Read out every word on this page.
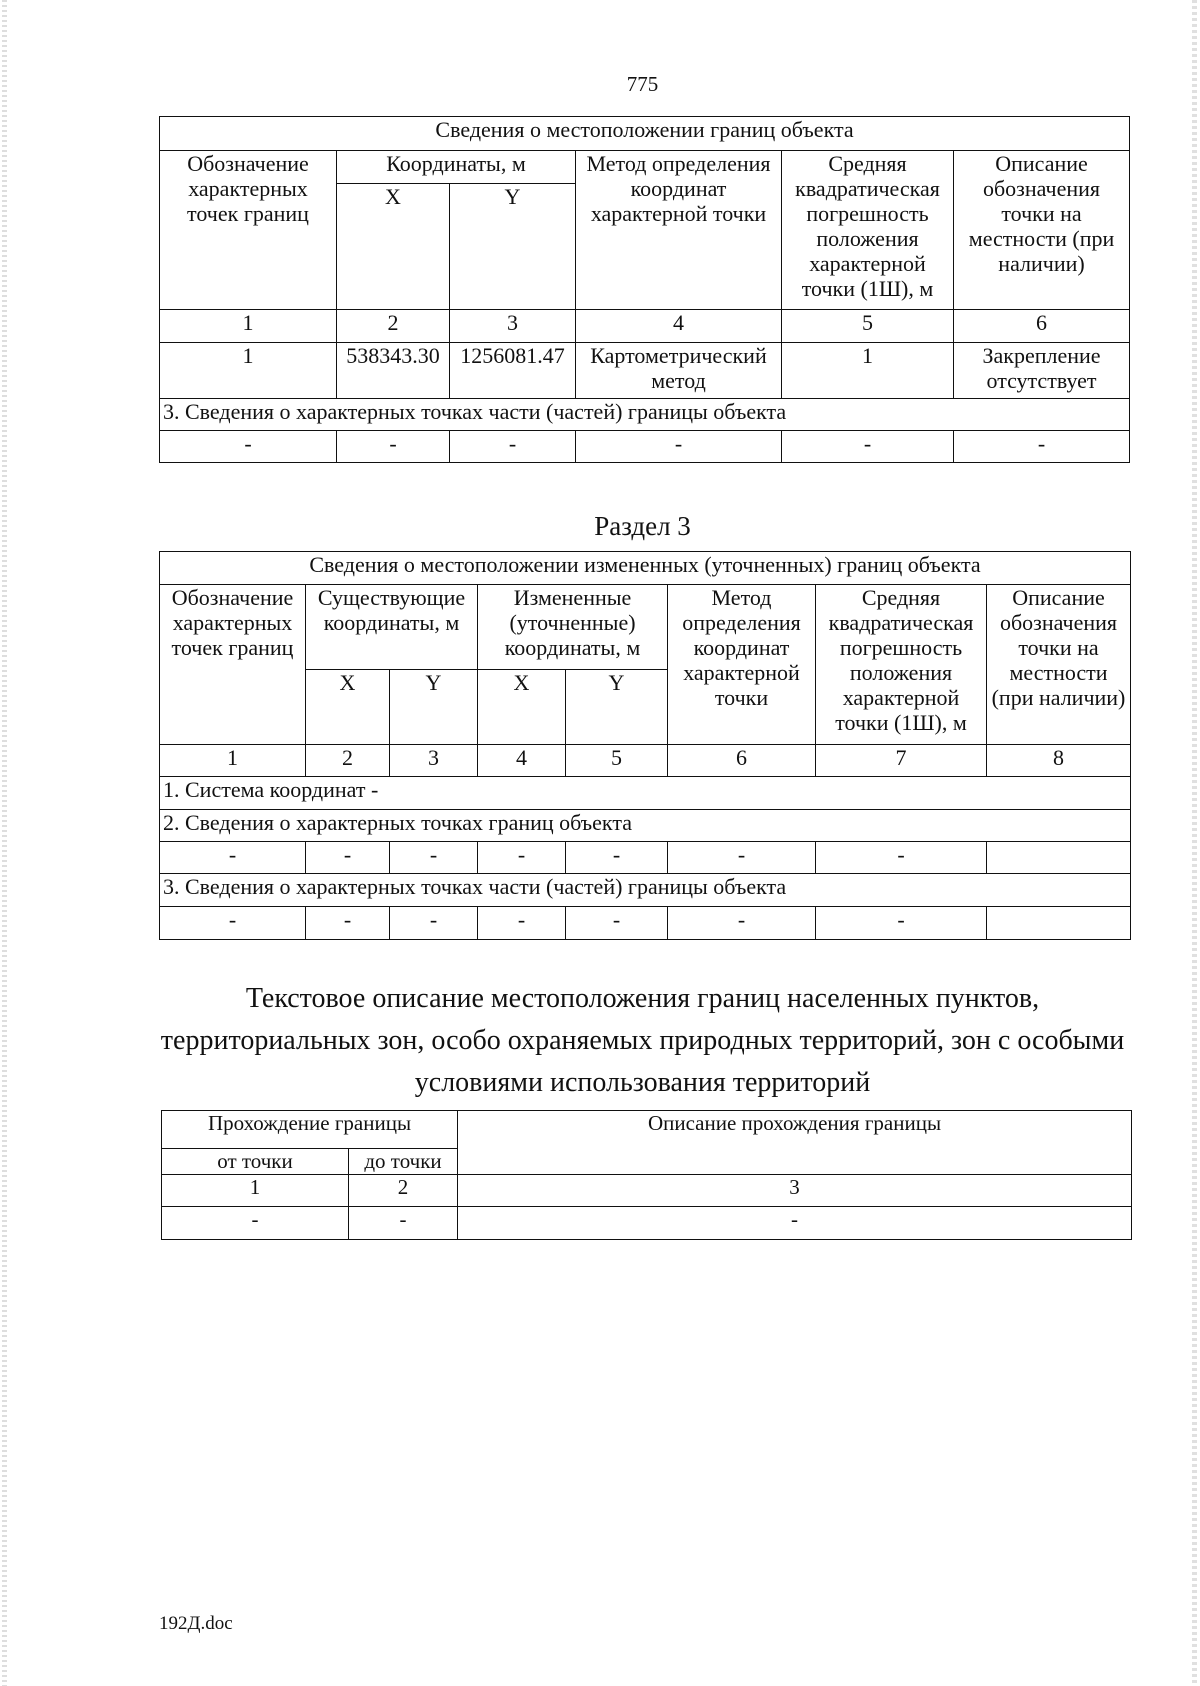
775
Сведения о местоположении границ объекта					
Обозначение характерных точек границ	Координаты, м		Метод определения координат характерной точки	Средняя квадратическая погрешность положения характерной точки (1Ш), м	Описание обозначения точки на местности (при наличии)
	X	Y			
1	2	3	4	5	6
1	538343.30	1256081.47	Картометрический метод	1	Закрепление отсутствует
3. Сведения о характерных точках части (частей) границы объекта					
-	-	-	-	-	-
Раздел 3
Сведения о местоположении измененных (уточненных) границ объекта							
Обозначение характерных точек границ	Существующие координаты, м		Измененные (уточненные) координаты, м		Метод определения координат характерной точки	Средняя квадратическая погрешность положения характерной точки (1Ш), м	Описание обозначения точки на местности (при наличии)
	X	Y	X	Y			
1	2	3	4	5	6	7	8
1. Система координат -							
2. Сведения о характерных точках границ объекта							
-	-	-	-	-	-	-	
3. Сведения о характерных точках части (частей) границы объекта							
-	-	-	-	-	-	-	
Текстовое описание местоположения границ населенных пунктов, территориальных зон, особо охраняемых природных территорий, зон с особыми условиями использования территорий
Прохождение границы		Описание прохождения границы
от точки	до точки	
1	2	3
-	-	-
192Д.doc
